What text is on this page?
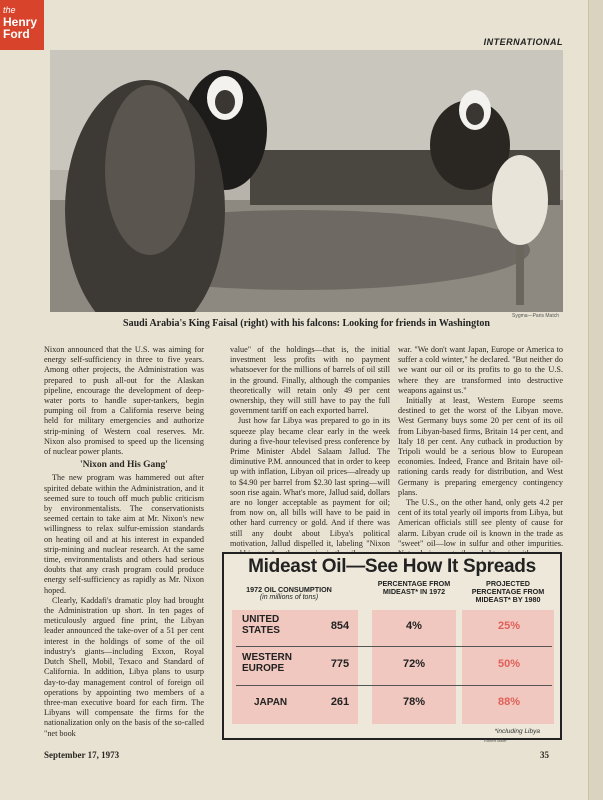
the
Henry
Ford
INTERNATIONAL
Sygma—Paris Match
Saudi Arabia's King Faisal (right) with his falcons: Looking for friends in Washington

Nixon announced that the U.S. was aiming for energy self-sufficiency in three to five years. Among other projects, the Administration was prepared to push all-out for the Alaskan pipeline, encourage the development of deep-water ports to handle super-tankers, begin pumping oil from a California reserve being held for military emergencies and authorize strip-mining of Western coal reserves. Mr. Nixon also promised to speed up the licensing of nuclear power plants.

'Nixon and His Gang'

The new program was hammered out after spirited debate within the Administration, and it seemed sure to touch off much public criticism by environmentalists. The conservationists seemed certain to take aim at Mr. Nixon's new willingness to relax sulfur-emission standards on heating oil and at his interest in expanded strip-mining and nuclear research. At the same time, environmentalists and others had serious doubts that any crash program could produce energy self-sufficiency as rapidly as Mr. Nixon hoped.

Clearly, Kaddafi's dramatic ploy had brought the Administration up short. In ten pages of meticulously argued fine print, the Libyan leader announced the take-over of a 51 per cent interest in the holdings of some of the oil industry's giants—including Exxon, Royal Dutch Shell, Mobil, Texaco and Standard of California. In addition, Libya plans to usurp day-to-day management control of foreign oil operations by appointing two members of a three-man executive board for each firm. The Libyans will compensate the firms for the nationalization only on the basis of the so-called "net book

value" of the holdings—that is, the initial investment less profits with no payment whatsoever for the millions of barrels of oil still in the ground. Finally, although the companies theoretically will retain only 49 per cent ownership, they will still have to pay the full government tariff on each exported barrel.

Just how far Libya was prepared to go in its squeeze play became clear early in the week during a five-hour televised press conference by Prime Minister Abdel Salaam Jallud. The diminutive P.M. announced that in order to keep up with inflation, Libyan oil prices—already up to $4.90 per barrel from $2.30 last spring—will soon rise again. What's more, Jallud said, dollars are no longer acceptable as payment for oil; from now on, all bills will have to be paid in other hard currency or gold. And if there was still any doubt about Libya's political motivation, Jallud dispelled it, labeling "Nixon

war. "We don't want Japan, Europe or America to suffer a cold winter," he declared. "But neither do we want our oil or its profits to go to the U.S. where they are transformed into destructive weapons against us."

Initially at least, Western Europe seems destined to get the worst of the Libyan move. West Germany buys some 20 per cent of its oil from Libyan-based firms, Britain 14 per cent, and Italy 18 per cent. Any cutback in production by Tripoli would be a serious blow to European economies. Indeed, France and Britain have oil-rationing cards ready for distribution, and West Germany is preparing emergency contingency plans.

The U.S., on the other hand, only gets 4.2 per cent of its total yearly oil imports from Libya, but American officials still see plenty of cause for alarm. Libyan crude oil is known in the trade as "sweet" oil—low in sulfur and other impurities.

Mideast Oil—See How It Spreads
1972 OIL CONSUMPTION
(in millions of tons)
PERCENTAGE FROM MIDEAST* IN 1972
PROJECTED PERCENTAGE FROM MIDEAST* BY 1980
UNITED STATES	854	4%	25%
WESTERN EUROPE	775	72%	50%
JAPAN	261	78%	88%
*including Libya
Robert Miller
September 17, 1973	35
